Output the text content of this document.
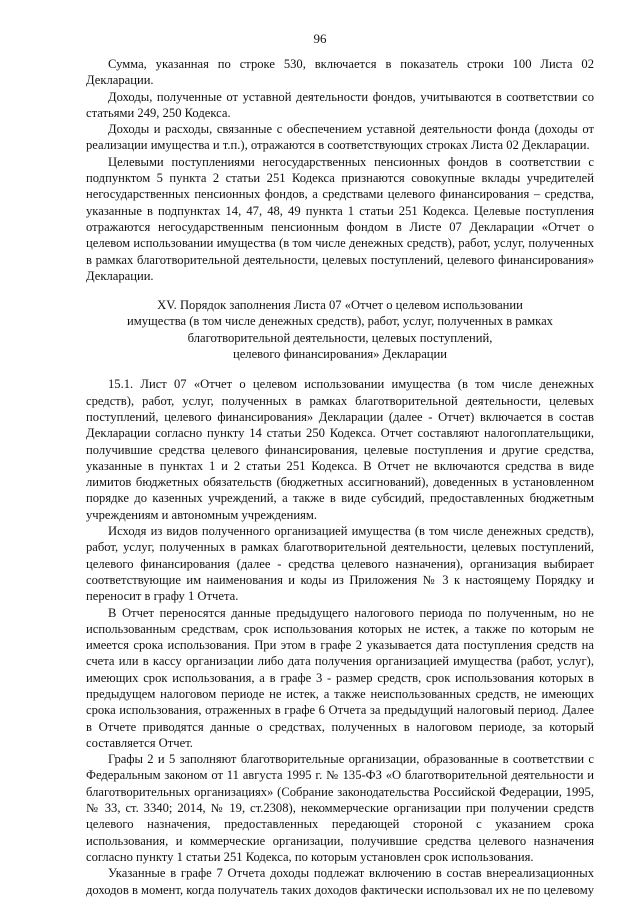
96

Сумма, указанная по строке 530, включается в показатель строки 100 Листа 02 Декларации.

Доходы, полученные от уставной деятельности фондов, учитываются в соответствии со статьями 249, 250 Кодекса.

Доходы и расходы, связанные с обеспечением уставной деятельности фонда (доходы от реализации имущества и т.п.), отражаются в соответствующих строках Листа 02 Декларации.

Целевыми поступлениями негосударственных пенсионных фондов в соответствии с подпунктом 5 пункта 2 статьи 251 Кодекса признаются совокупные вклады учредителей негосударственных пенсионных фондов, а средствами целевого финансирования – средства, указанные в подпунктах 14, 47, 48, 49 пункта 1 статьи 251 Кодекса. Целевые поступления отражаются негосударственным пенсионным фондом в Листе 07 Декларации «Отчет о целевом использовании имущества (в том числе денежных средств), работ, услуг, полученных в рамках благотворительной деятельности, целевых поступлений, целевого финансирования» Декларации.

XV. Порядок заполнения Листа 07 «Отчет о целевом использовании
имущества (в том числе денежных средств), работ, услуг, полученных в рамках
благотворительной деятельности, целевых поступлений,
целевого финансирования» Декларации

15.1. Лист 07 «Отчет о целевом использовании имущества (в том числе денежных средств), работ, услуг, полученных в рамках благотворительной деятельности, целевых поступлений, целевого финансирования» Декларации (далее - Отчет) включается в состав Декларации согласно пункту 14 статьи 250 Кодекса. Отчет составляют налогоплательщики, получившие средства целевого финансирования, целевые поступления и другие средства, указанные в пунктах 1 и 2 статьи 251 Кодекса. В Отчет не включаются средства в виде лимитов бюджетных обязательств (бюджетных ассигнований), доведенных в установленном порядке до казенных учреждений, а также в виде субсидий, предоставленных бюджетным учреждениям и автономным учреждениям.

Исходя из видов полученного организацией имущества (в том числе денежных средств), работ, услуг, полученных в рамках благотворительной деятельности, целевых поступлений, целевого финансирования (далее - средства целевого назначения), организация выбирает соответствующие им наименования и коды из Приложения № 3 к настоящему Порядку и переносит в графу 1 Отчета.

В Отчет переносятся данные предыдущего налогового периода по полученным, но не использованным средствам, срок использования которых не истек, а также по которым не имеется срока использования. При этом в графе 2 указывается дата поступления средств на счета или в кассу организации либо дата получения организацией имущества (работ, услуг), имеющих срок использования, а в графе 3 - размер средств, срок использования которых в предыдущем налоговом периоде не истек, а также неиспользованных средств, не имеющих срока использования, отраженных в графе 6 Отчета за предыдущий налоговый период. Далее в Отчете приводятся данные о средствах, полученных в налоговом периоде, за который составляется Отчет.

Графы 2 и 5 заполняют благотворительные организации, образованные в соответствии с Федеральным законом от 11 августа 1995 г. № 135-ФЗ «О благотворительной деятельности и благотворительных организациях» (Собрание законодательства Российской Федерации, 1995, № 33, ст. 3340; 2014, № 19, ст.2308), некоммерческие организации при получении средств целевого назначения, предоставленных передающей стороной с указанием срока использования, и коммерческие организации, получившие средства целевого назначения согласно пункту 1 статьи 251 Кодекса, по которым установлен срок использования.

Указанные в графе 7 Отчета доходы подлежат включению в состав внереализационных доходов в момент, когда получатель таких доходов фактически использовал их не по целевому
